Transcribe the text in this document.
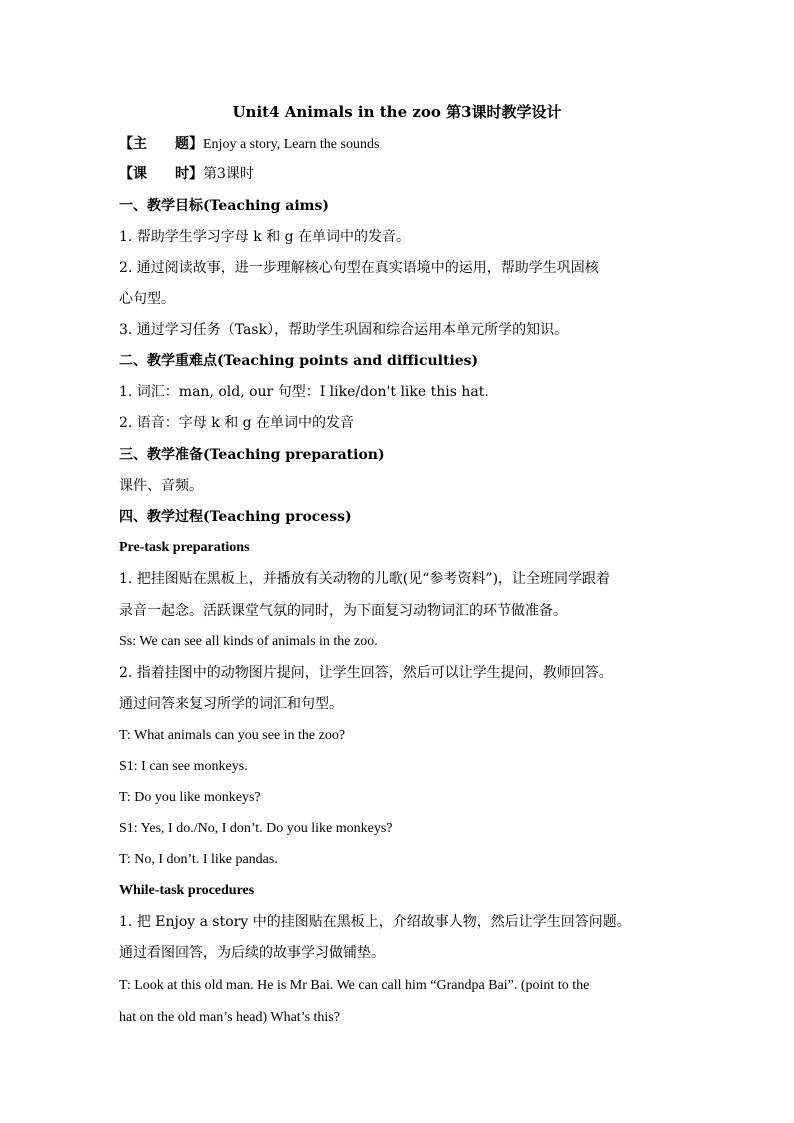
Unit4 Animals in the zoo 第3课时教学设计
【主　　题】Enjoy a story, Learn the sounds
【课　　时】第3课时
一、教学目标(Teaching aims)
1. 帮助学生学习字母 k 和 g 在单词中的发音。
2. 通过阅读故事，进一步理解核心句型在真实语境中的运用，帮助学生巩固核
心句型。
3. 通过学习任务（Task），帮助学生巩固和综合运用本单元所学的知识。
二、教学重难点(Teaching points and difficulties)
1. 词汇：man, old, our 句型：I like/don't like this hat.
2. 语音：字母 k 和 g 在单词中的发音
三、教学准备(Teaching preparation)
课件、音频。
四、教学过程(Teaching process)
Pre-task preparations
1. 把挂图贴在黑板上，并播放有关动物的儿歌(见“参考资料”)，让全班同学跟着
录音一起念。活跃课堂气氛的同时，为下面复习动物词汇的环节做准备。
Ss: We can see all kinds of animals in the zoo.
2. 指着挂图中的动物图片提问，让学生回答，然后可以让学生提问，教师回答。
通过问答来复习所学的词汇和句型。
T: What animals can you see in the zoo?
S1: I can see monkeys.
T: Do you like monkeys?
S1: Yes, I do./No, I don’t. Do you like monkeys?
T: No, I don’t. I like pandas.
While-task procedures
1. 把 Enjoy a story 中的挂图贴在黑板上，介绍故事人物，然后让学生回答问题。
通过看图回答，为后续的故事学习做铺垫。
T: Look at this old man. He is Mr Bai. We can call him “Grandpa Bai”. (point to the
hat on the old man’s head) What’s this?
